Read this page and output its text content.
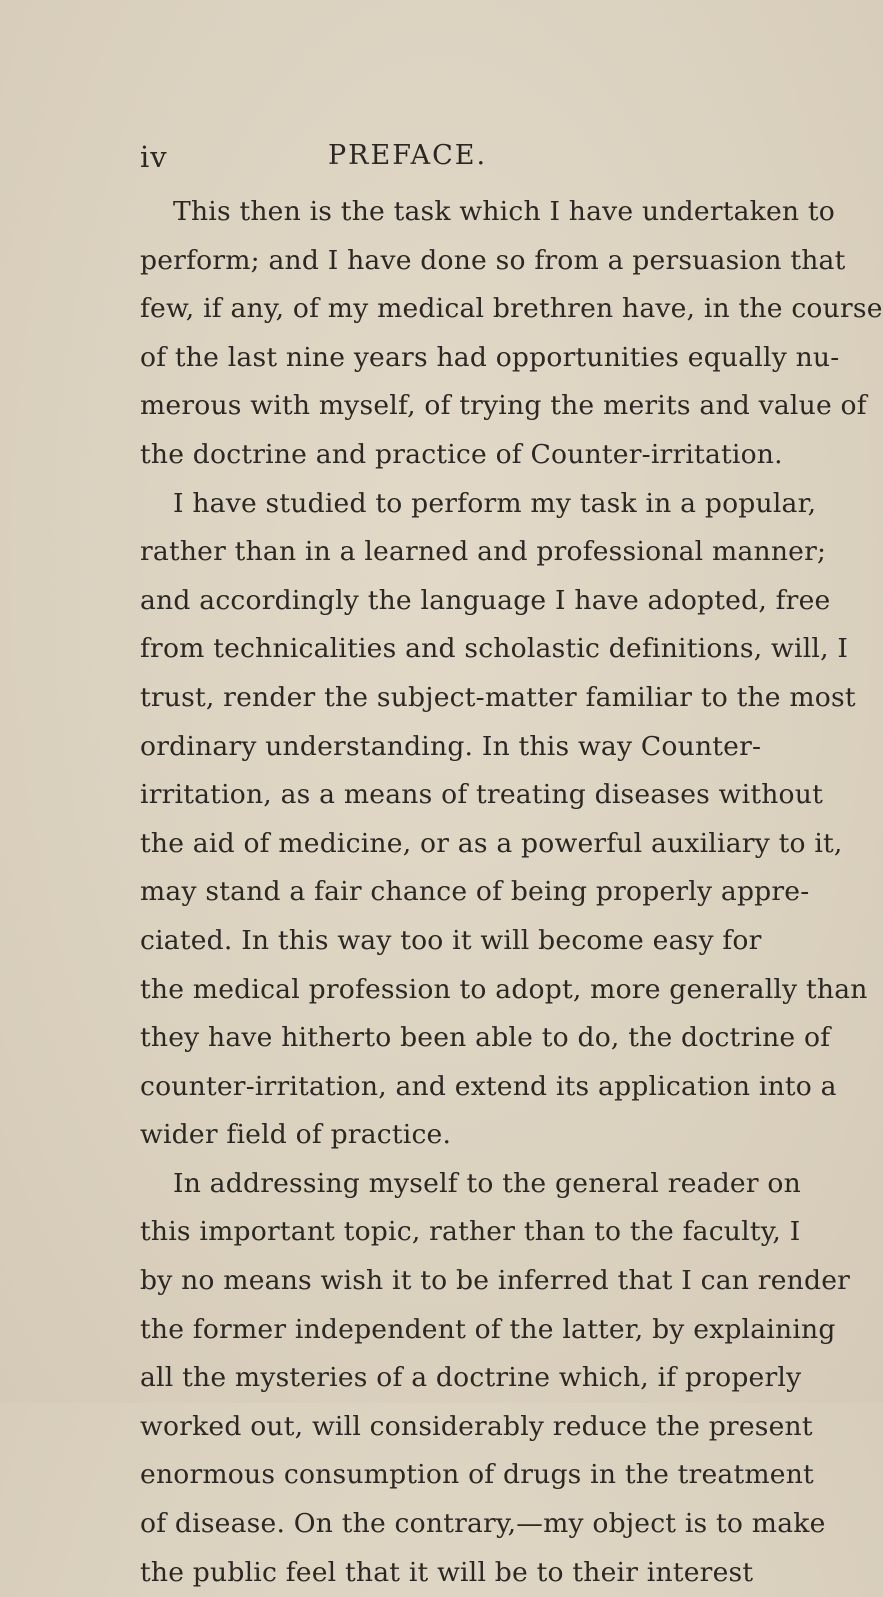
iv	PREFACE.
This then is the task which I have undertaken to
perform; and I have done so from a persuasion that
few, if any, of my medical brethren have, in the course
of the last nine years had opportunities equally nu-
merous with myself, of trying the merits and value of
the doctrine and practice of Counter-irritation.
I have studied to perform my task in a popular,
rather than in a learned and professional manner;
and accordingly the language I have adopted, free
from technicalities and scholastic definitions, will, I
trust, render the subject-matter familiar to the most
ordinary understanding. In this way Counter-
irritation, as a means of treating diseases without
the aid of medicine, or as a powerful auxiliary to it,
may stand a fair chance of being properly appre-
ciated. In this way too it will become easy for
the medical profession to adopt, more generally than
they have hitherto been able to do, the doctrine of
counter-irritation, and extend its application into a
wider field of practice.
In addressing myself to the general reader on
this important topic, rather than to the faculty, I
by no means wish it to be inferred that I can render
the former independent of the latter, by explaining
all the mysteries of a doctrine which, if properly
worked out, will considerably reduce the present
enormous consumption of drugs in the treatment
of disease. On the contrary,—my object is to make
the public feel that it will be to their interest
